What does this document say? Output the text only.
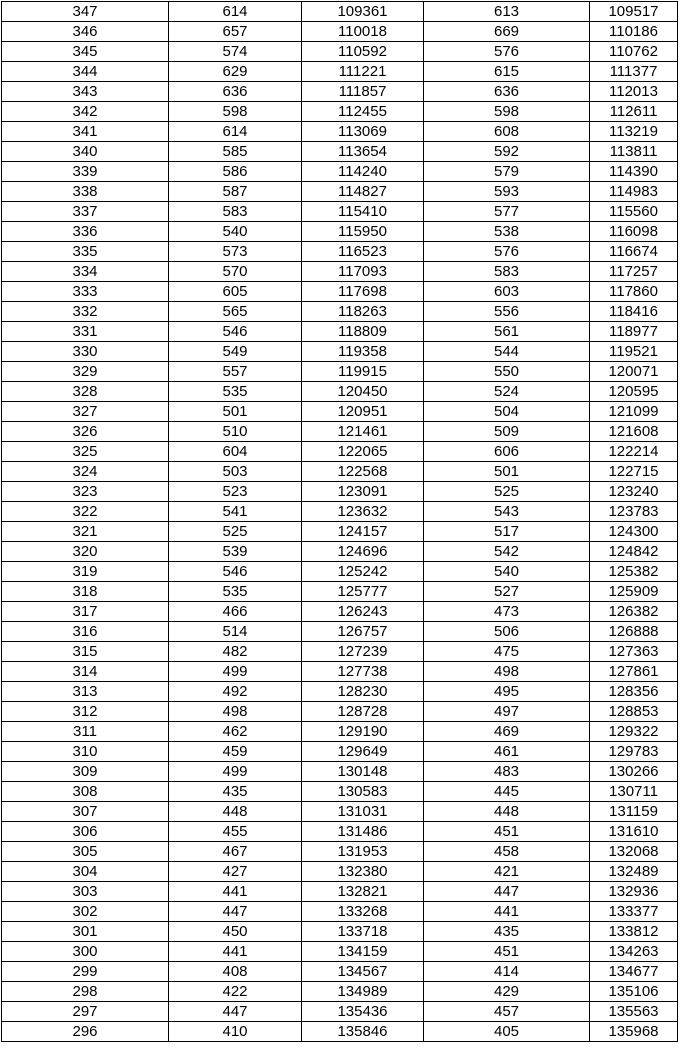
347	614	109361	613	109517
346	657	110018	669	110186
345	574	110592	576	110762
344	629	111221	615	111377
343	636	111857	636	112013
342	598	112455	598	112611
341	614	113069	608	113219
340	585	113654	592	113811
339	586	114240	579	114390
338	587	114827	593	114983
337	583	115410	577	115560
336	540	115950	538	116098
335	573	116523	576	116674
334	570	117093	583	117257
333	605	117698	603	117860
332	565	118263	556	118416
331	546	118809	561	118977
330	549	119358	544	119521
329	557	119915	550	120071
328	535	120450	524	120595
327	501	120951	504	121099
326	510	121461	509	121608
325	604	122065	606	122214
324	503	122568	501	122715
323	523	123091	525	123240
322	541	123632	543	123783
321	525	124157	517	124300
320	539	124696	542	124842
319	546	125242	540	125382
318	535	125777	527	125909
317	466	126243	473	126382
316	514	126757	506	126888
315	482	127239	475	127363
314	499	127738	498	127861
313	492	128230	495	128356
312	498	128728	497	128853
311	462	129190	469	129322
310	459	129649	461	129783
309	499	130148	483	130266
308	435	130583	445	130711
307	448	131031	448	131159
306	455	131486	451	131610
305	467	131953	458	132068
304	427	132380	421	132489
303	441	132821	447	132936
302	447	133268	441	133377
301	450	133718	435	133812
300	441	134159	451	134263
299	408	134567	414	134677
298	422	134989	429	135106
297	447	135436	457	135563
296	410	135846	405	135968
